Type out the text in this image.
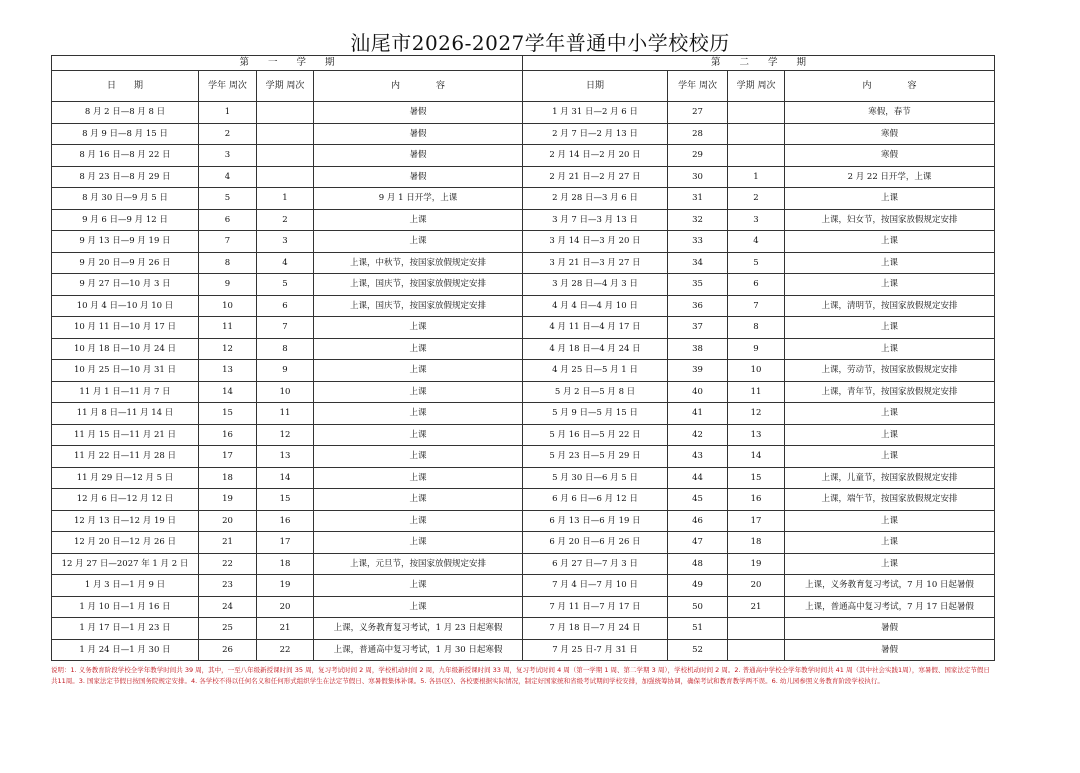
汕尾市2026-2027学年普通中小学校校历
第　　一　　学　　期				第　　二　　学　　期			
日　　期	学年 周次	学期 周次	内　　　　容	日期	学年 周次	学期 周次	内　　　　容
8 月 2 日—8 月 8 日	1		暑假	1 月 31 日—2 月 6 日	27		寒假，春节
8 月 9 日—8 月 15 日	2		暑假	2 月 7 日—2 月 13 日	28		寒假
8 月 16 日—8 月 22 日	3		暑假	2 月 14 日—2 月 20 日	29		寒假
8 月 23 日—8 月 29 日	4		暑假	2 月 21 日—2 月 27 日	30	1	2 月 22 日开学，上课
8 月 30 日—9 月 5 日	5	1	9 月 1 日开学，上课	2 月 28 日—3 月 6 日	31	2	上课
9 月 6 日—9 月 12 日	6	2	上课	3 月 7 日—3 月 13 日	32	3	上课，妇女节，按国家放假规定安排
9 月 13 日—9 月 19 日	7	3	上课	3 月 14 日—3 月 20 日	33	4	上课
9 月 20 日—9 月 26 日	8	4	上课，中秋节，按国家放假规定安排	3 月 21 日—3 月 27 日	34	5	上课
9 月 27 日—10 月 3 日	9	5	上课，国庆节，按国家放假规定安排	3 月 28 日—4 月 3 日	35	6	上课
10 月 4 日—10 月 10 日	10	6	上课，国庆节，按国家放假规定安排	4 月 4 日—4 月 10 日	36	7	上课，清明节，按国家放假规定安排
10 月 11 日—10 月 17 日	11	7	上课	4 月 11 日—4 月 17 日	37	8	上课
10 月 18 日—10 月 24 日	12	8	上课	4 月 18 日—4 月 24 日	38	9	上课
10 月 25 日—10 月 31 日	13	9	上课	4 月 25 日—5 月 1 日	39	10	上课，劳动节，按国家放假规定安排
11 月 1 日—11 月 7 日	14	10	上课	5 月 2 日—5 月 8 日	40	11	上课，青年节，按国家放假规定安排
11 月 8 日—11 月 14 日	15	11	上课	5 月 9 日—5 月 15 日	41	12	上课
11 月 15 日—11 月 21 日	16	12	上课	5 月 16 日—5 月 22 日	42	13	上课
11 月 22 日—11 月 28 日	17	13	上课	5 月 23 日—5 月 29 日	43	14	上课
11 月 29 日—12 月 5 日	18	14	上课	5 月 30 日—6 月 5 日	44	15	上课，儿童节，按国家放假规定安排
12 月 6 日—12 月 12 日	19	15	上课	6 月 6 日—6 月 12 日	45	16	上课，端午节，按国家放假规定安排
12 月 13 日—12 月 19 日	20	16	上课	6 月 13 日—6 月 19 日	46	17	上课
12 月 20 日—12 月 26 日	21	17	上课	6 月 20 日—6 月 26 日	47	18	上课
12 月 27 日—2027 年 1 月 2 日	22	18	上课，元旦节，按国家放假规定安排	6 月 27 日—7 月 3 日	48	19	上课
1 月 3 日—1 月 9 日	23	19	上课	7 月 4 日—7 月 10 日	49	20	上课，义务教育复习考试，7 月 10 日起暑假
1 月 10 日—1 月 16 日	24	20	上课	7 月 11 日—7 月 17 日	50	21	上课，普通高中复习考试，7 月 17 日起暑假
1 月 17 日—1 月 23 日	25	21	上课，义务教育复习考试，1 月 23 日起寒假	7 月 18 日—7 月 24 日	51		暑假
1 月 24 日—1 月 30 日	26	22	上课，普通高中复习考试，1 月 30 日起寒假	7 月 25 日-7 月 31 日	52		暑假
说明：1. 义务教育阶段学校全学年教学时间共 39 周，其中，一至八年级新授课时间 35 周，复习考试时间 2 周，学校机动时间 2 周，九年级新授课时间 33 周，复习考试时间 4 周（第一学期 1 周、第二学期 3 周），学校机动时间 2 周。2. 普通高中学校全学年教学时间共 41 周（其中社会实践1周），寒暑假、国家法定节假日共11周。3. 国家法定节假日按国务院规定安排。4. 各学校不得以任何名义和任何形式组织学生在法定节假日、寒暑假集体补课。5. 各县(区)、各校要根据实际情况，制定好国家统和省级考试期间学校安排，加强统筹协调，确保考试和教育教学两不误。6. 幼儿园参照义务教育阶段学校执行。
